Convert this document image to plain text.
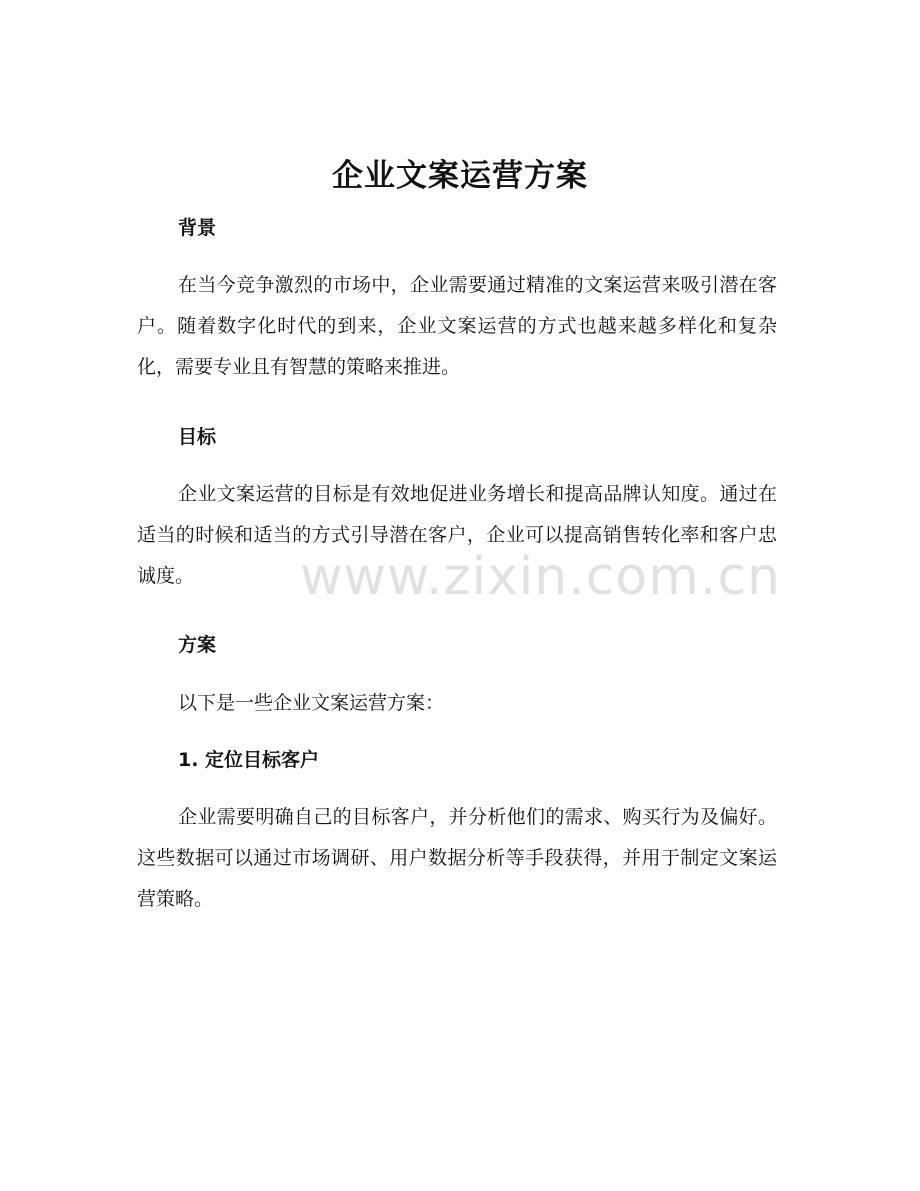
企业文案运营方案
背景

在当今竞争激烈的市场中，企业需要通过精准的文案运营来吸引潜在客户。随着数字化时代的到来，企业文案运营的方式也越来越多样化和复杂化，需要专业且有智慧的策略来推进。

目标

企业文案运营的目标是有效地促进业务增长和提高品牌认知度。通过在适当的时候和适当的方式引导潜在客户，企业可以提高销售转化率和客户忠诚度。

方案

以下是一些企业文案运营方案：

1. 定位目标客户

企业需要明确自己的目标客户，并分析他们的需求、购买行为及偏好。这些数据可以通过市场调研、用户数据分析等手段获得，并用于制定文案运营策略。

www.zixin.com.cn
